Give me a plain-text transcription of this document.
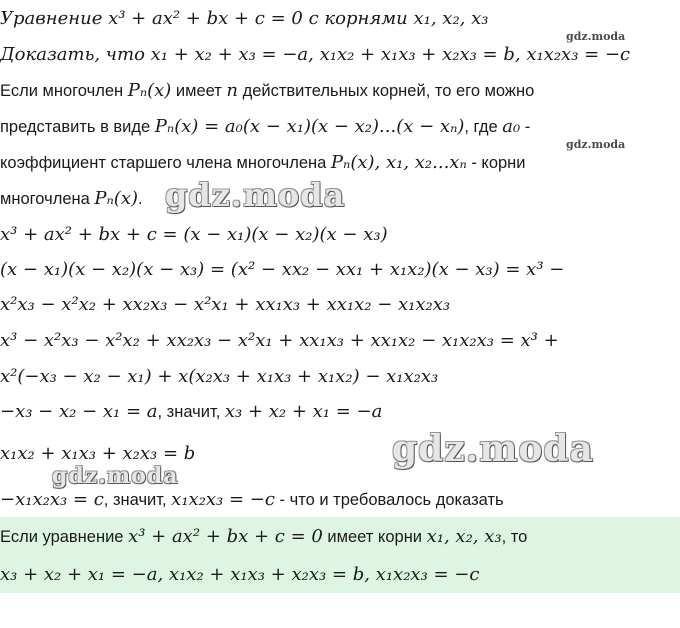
Уравнение x³ + ax² + bx + c = 0 с корнями x₁, x₂, x₃
gdz.moda
Доказать, что x₁ + x₂ + x₃ = −a, x₁x₂ + x₁x₃ + x₂x₃ = b, x₁x₂x₃ = −c
Если многочлен Pₙ(x) имеет n действительных корней, то его можно
представить в виде Pₙ(x) = a₀(x − x₁)(x − x₂)...(x − xₙ), где a₀ -
gdz.moda
коэффициент старшего члена многочлена Pₙ(x), x₁, x₂...xₙ - корни
многочлена Pₙ(x). gdz.moda
x³ + ax² + bx + c = (x − x₁)(x − x₂)(x − x₃)
(x − x₁)(x − x₂)(x − x₃) = (x² − xx₂ − xx₁ + x₁x₂)(x − x₃) = x³ −
x²x₃ − x²x₂ + xx₂x₃ − x²x₁ + xx₁x₃ + xx₁x₂ − x₁x₂x₃
x³ − x²x₃ − x²x₂ + xx₂x₃ − x²x₁ + xx₁x₃ + xx₁x₂ − x₁x₂x₃ = x³ +
x²(−x₃ − x₂ − x₁) + x(x₂x₃ + x₁x₃ + x₁x₂) − x₁x₂x₃
−x₃ − x₂ − x₁ = a, значит, x₃ + x₂ + x₁ = −a
x₁x₂ + x₁x₃ + x₂x₃ = b	gdz.moda
gdz.moda
−x₁x₂x₃ = c, значит, x₁x₂x₃ = −c - что и требовалось доказать
Если уравнение x³ + ax² + bx + c = 0 имеет корни x₁, x₂, x₃, то
x₃ + x₂ + x₁ = −a, x₁x₂ + x₁x₃ + x₂x₃ = b, x₁x₂x₃ = −c
